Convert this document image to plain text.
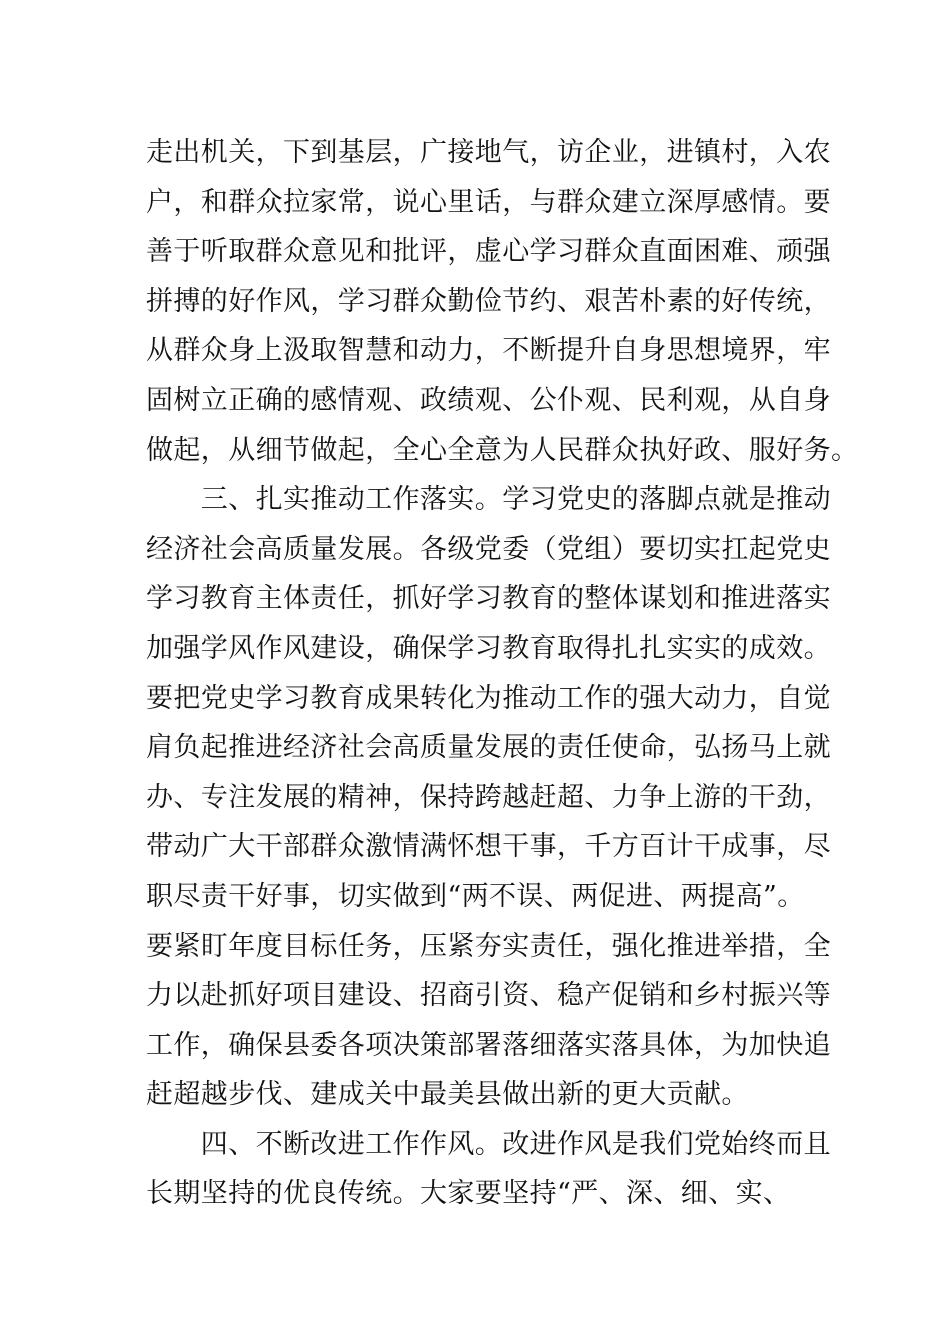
走出机关，下到基层，广接地气，访企业，进镇村，入农
户，和群众拉家常，说心里话，与群众建立深厚感情。要
善于听取群众意见和批评，虚心学习群众直面困难、顽强
拼搏的好作风，学习群众勤俭节约、艰苦朴素的好传统，
从群众身上汲取智慧和动力，不断提升自身思想境界，牢
固树立正确的感情观、政绩观、公仆观、民利观，从自身
做起，从细节做起，全心全意为人民群众执好政、服好务。
　　三、扎实推动工作落实。学习党史的落脚点就是推动
经济社会高质量发展。各级党委（党组）要切实扛起党史
学习教育主体责任，抓好学习教育的整体谋划和推进落实
加强学风作风建设，确保学习教育取得扎扎实实的成效。
要把党史学习教育成果转化为推动工作的强大动力，自觉
肩负起推进经济社会高质量发展的责任使命，弘扬马上就
办、专注发展的精神，保持跨越赶超、力争上游的干劲，
带动广大干部群众激情满怀想干事，千方百计干成事，尽
职尽责干好事，切实做到“两不误、两促进、两提高”。
要紧盯年度目标任务，压紧夯实责任，强化推进举措，全
力以赴抓好项目建设、招商引资、稳产促销和乡村振兴等
工作，确保县委各项决策部署落细落实落具体，为加快追
赶超越步伐、建成关中最美县做出新的更大贡献。
　　四、不断改进工作作风。改进作风是我们党始终而且
长期坚持的优良传统。大家要坚持“严、深、细、实、
